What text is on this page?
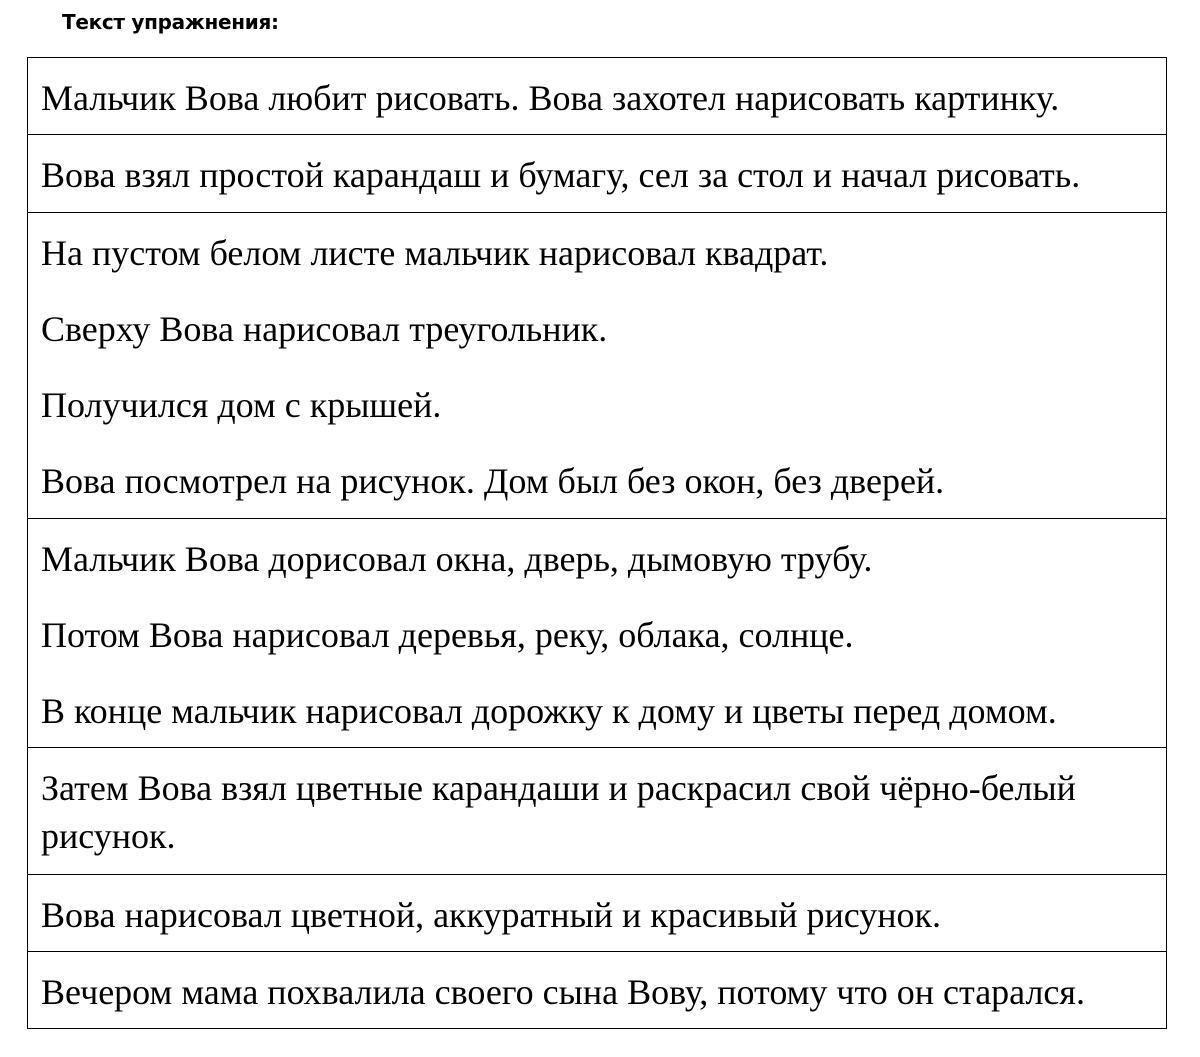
Текст упражнения:
Мальчик Вова любит рисовать. Вова захотел нарисовать картинку.
Вова взял простой карандаш и бумагу, сел за стол и начал рисовать.
На пустом белом листе мальчик нарисовал квадрат.
Сверху Вова нарисовал треугольник.
Получился дом с крышей.
Вова посмотрел на рисунок. Дом был без окон, без дверей.
Мальчик Вова дорисовал окна, дверь, дымовую трубу.
Потом Вова нарисовал деревья, реку, облака, солнце.
В конце мальчик нарисовал дорожку к дому и цветы перед домом.
Затем Вова взял цветные карандаши и раскрасил свой чёрно-белый рисунок.
Вова нарисовал цветной, аккуратный и красивый рисунок.
Вечером мама похвалила своего сына Вову, потому что он старался.
